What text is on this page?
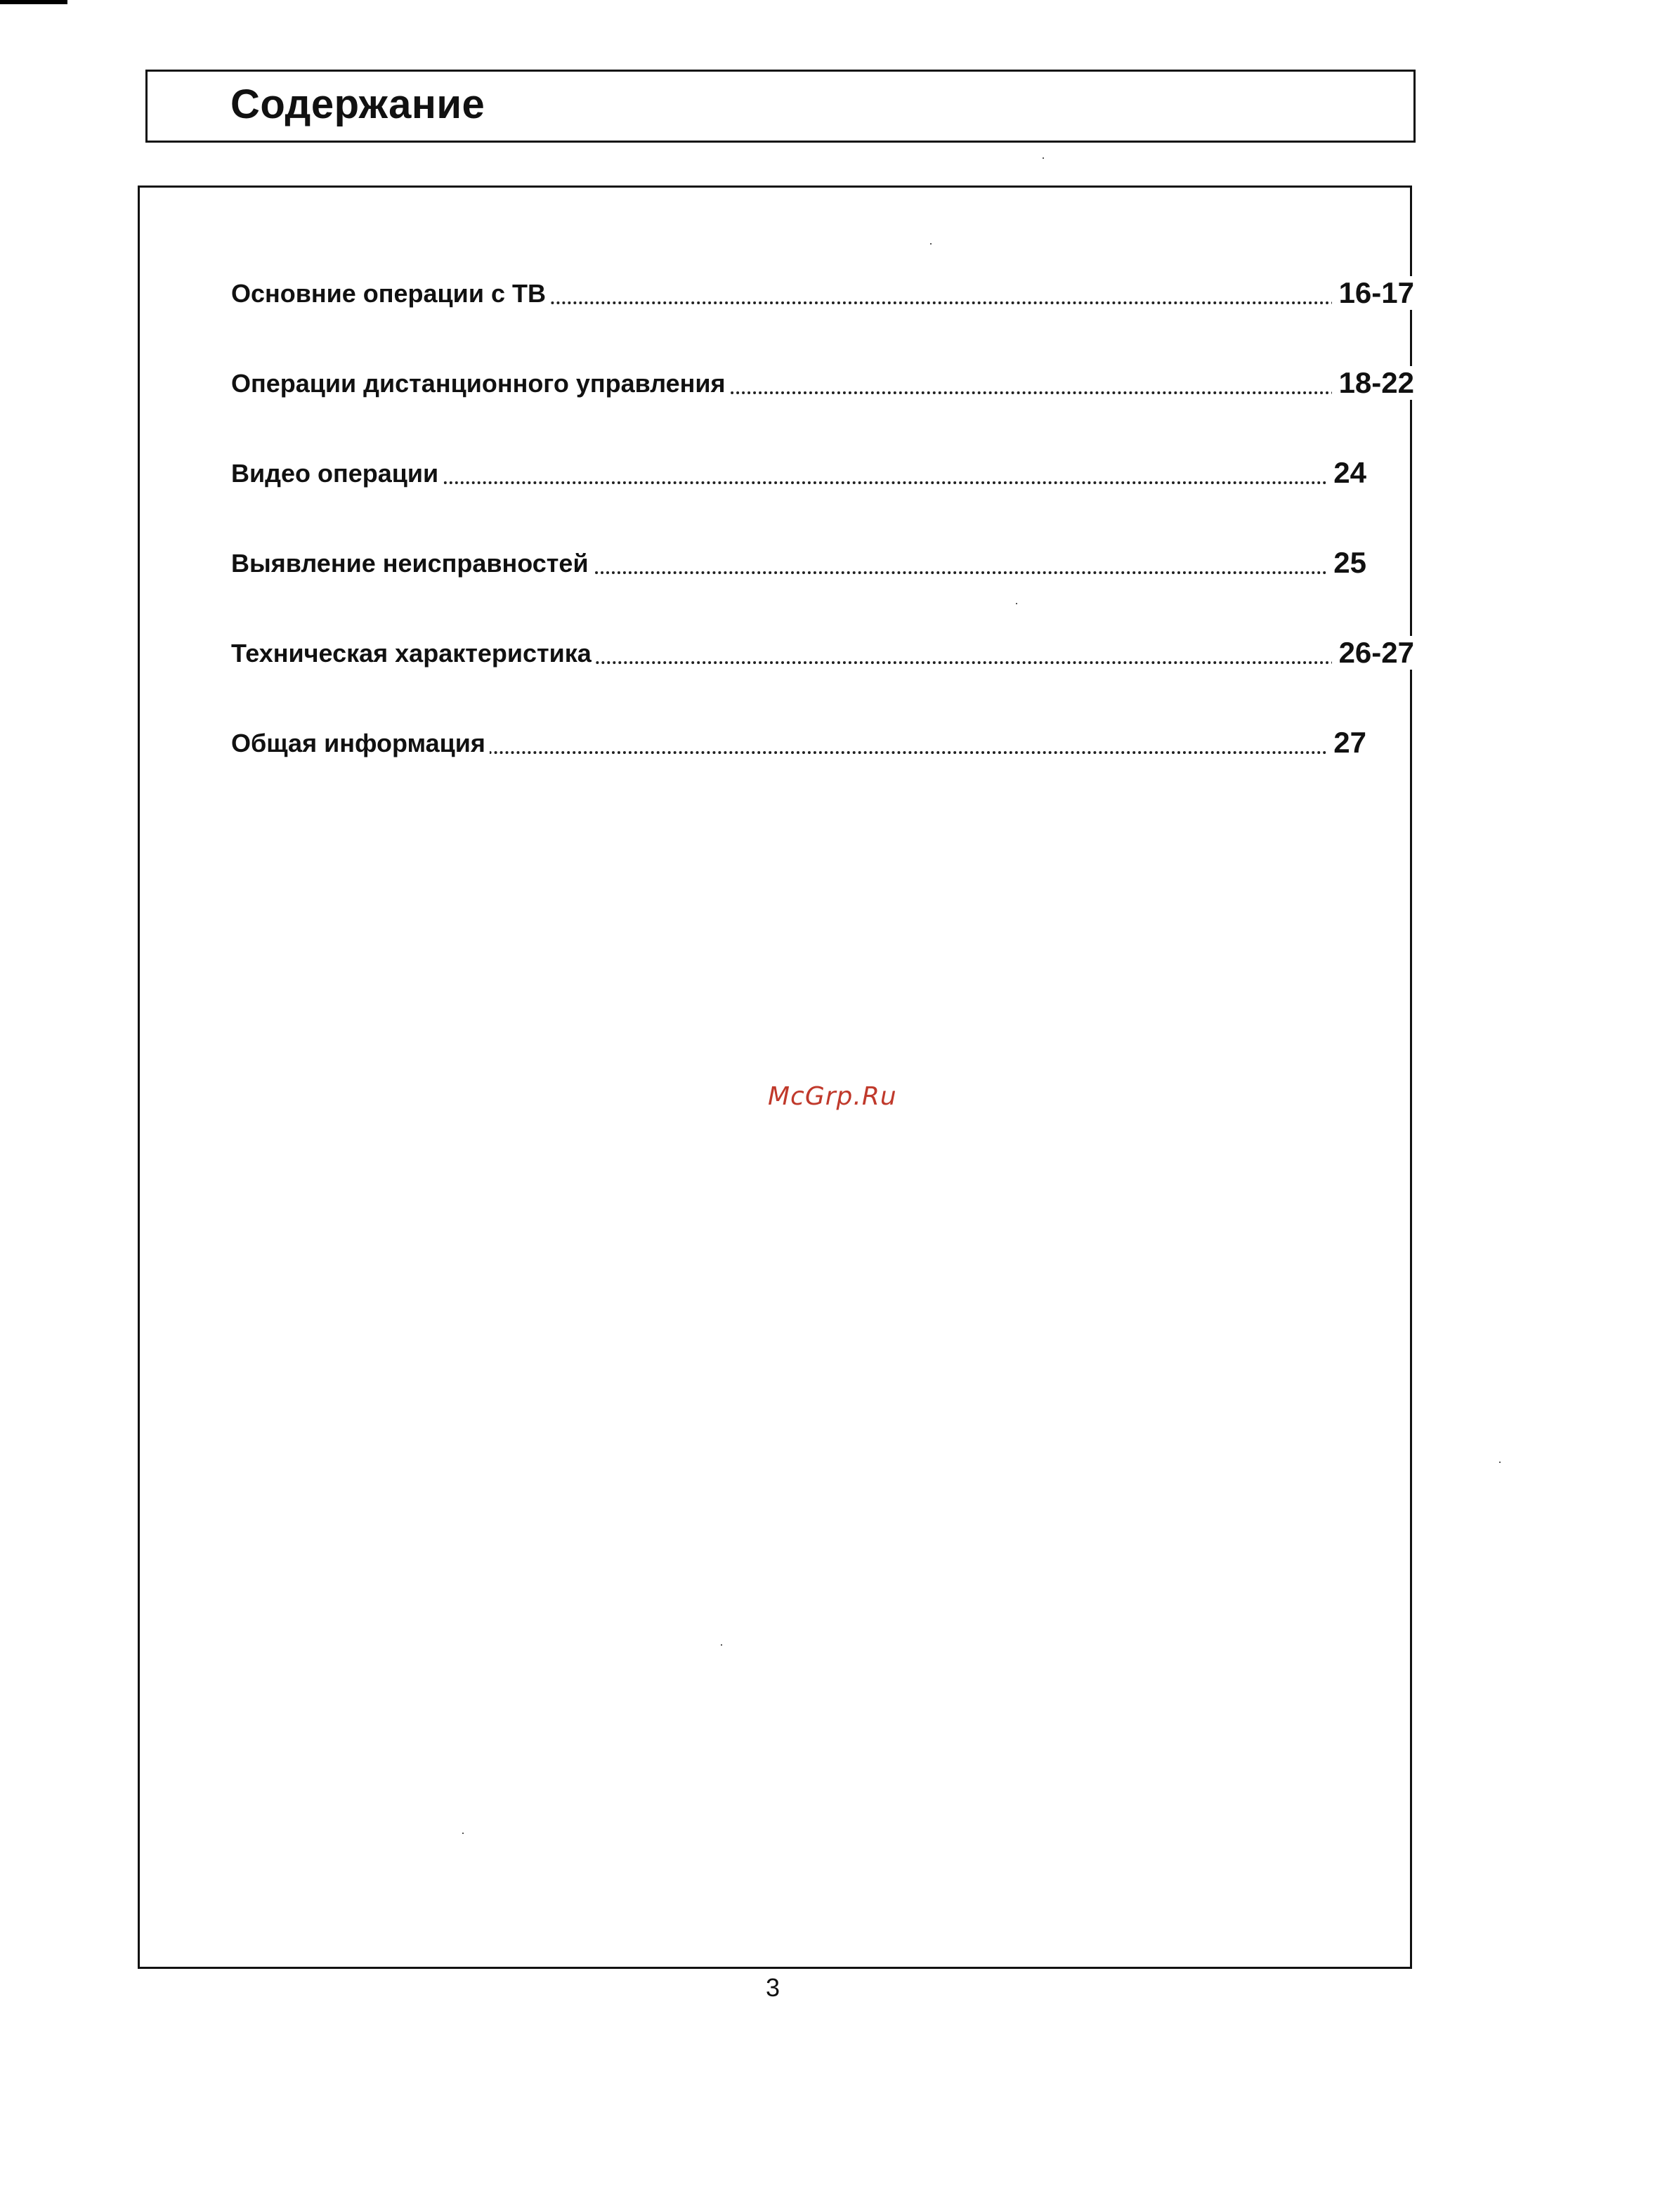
Содержание
Основние операции с ТВ	16-17
Операции дистанционного управления	18-22
Видео операции	24
Выявление неисправностей	25
Техническая характеристика	26-27
Общая информация	27
McGrp.Ru
3
